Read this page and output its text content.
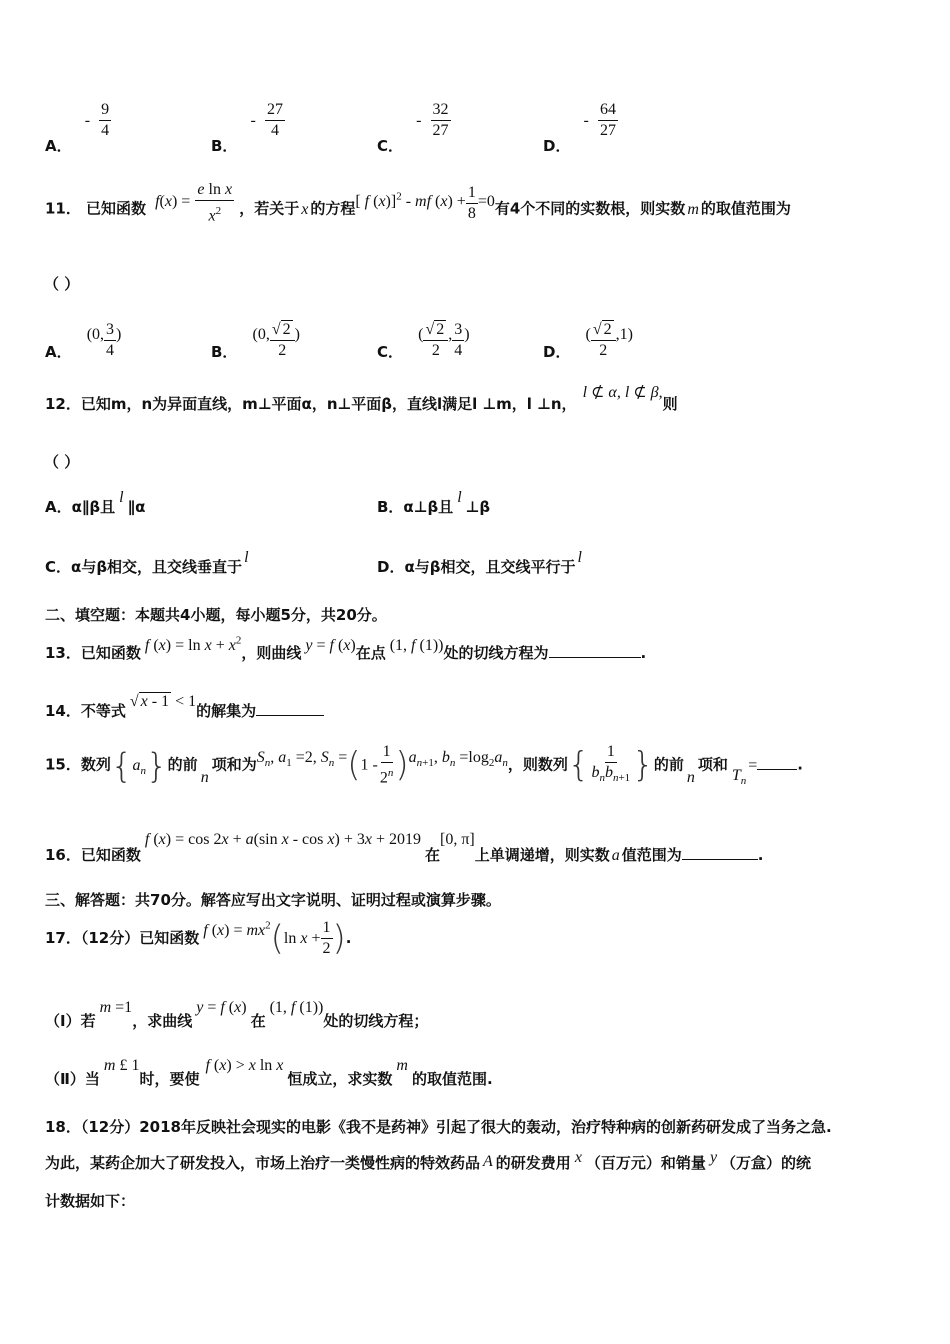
A． - $\frac{9}{4}$
B． - $\frac{27}{4}$
C． - $\frac{32}{27}$
D． - $\frac{64}{27}$
11． 已知函数 $f(x) = \frac{\text{e ln x}}{x^2}$ ，若关于 x 的方程[ f (x)]$^2$ - mf $(x) + \frac{1}{8} =0$有4个不同的实数根，则实数 m 的取值范围为
（ ）
A． (0, $\frac{3}{4}$ )
B． (0, $\frac{√ 2}{2}$ )
C． ( $\frac{√ 2}{2}$ , $\frac{3}{4}$ )
D． ( $\frac{√ 2}{2} ,1$)
12．已知m，n为异面直线，m⊥平面α，n⊥平面β，直线l满足l ⊥m，l ⊥n，l ⊄ α, l ⊄ β,则
（ ）
A．α∥β且l∥α	B．α⊥β且l⊥β
C．α与β相交，且交线垂直于l
D．α与β相交，且交线平行于l
二、填空题：本题共4小题，每小题5分，共20分。
13．已知函数 f $(x) = \ln x + x^2$，则曲线 y = f (x)在点 (1, f (1))处的切线方程为	.
14．不等式√ x - 1 < 1的解集为
15．数列$\{a_n\}$的前n项和为$S_n$, $a_1 =2$, $S_n =(1 - \frac{1}{2^n} )a_{n+1}$, $b_n =\log_2a_n$，则数列{ $\frac{1}{b_nb_{n+1}}$ }的前n项和$T_n=$	.
16．已知函数f (x) = cos 2x + a(sin x - cos x) + 3x + 2019在[0, π]上单调递增，则实数 a 值范围为	.
三、解答题：共70分。解答应写出文字说明、证明过程或演算步骤。
17．（12分）已知函数 f $(x) = mx^2(\ln$ $x + \frac{1}{2}$ ).
（Ⅰ）若m =1，求曲线y = f (x)在(1, f (1))处的切线方程；
（Ⅱ）当m £ 1时，要使f (x) > x ln x恒成立，求实数m的取值范围.
18．（12分）2018年反映社会现实的电影《我不是药神》引起了很大的轰动，治疗特种病的创新药研发成了当务之急.
为此，某药企加大了研发投入，市场上治疗一类慢性病的特效药品 A 的研发费用 x （百万元）和销量 y （万盒）的统
计数据如下：
